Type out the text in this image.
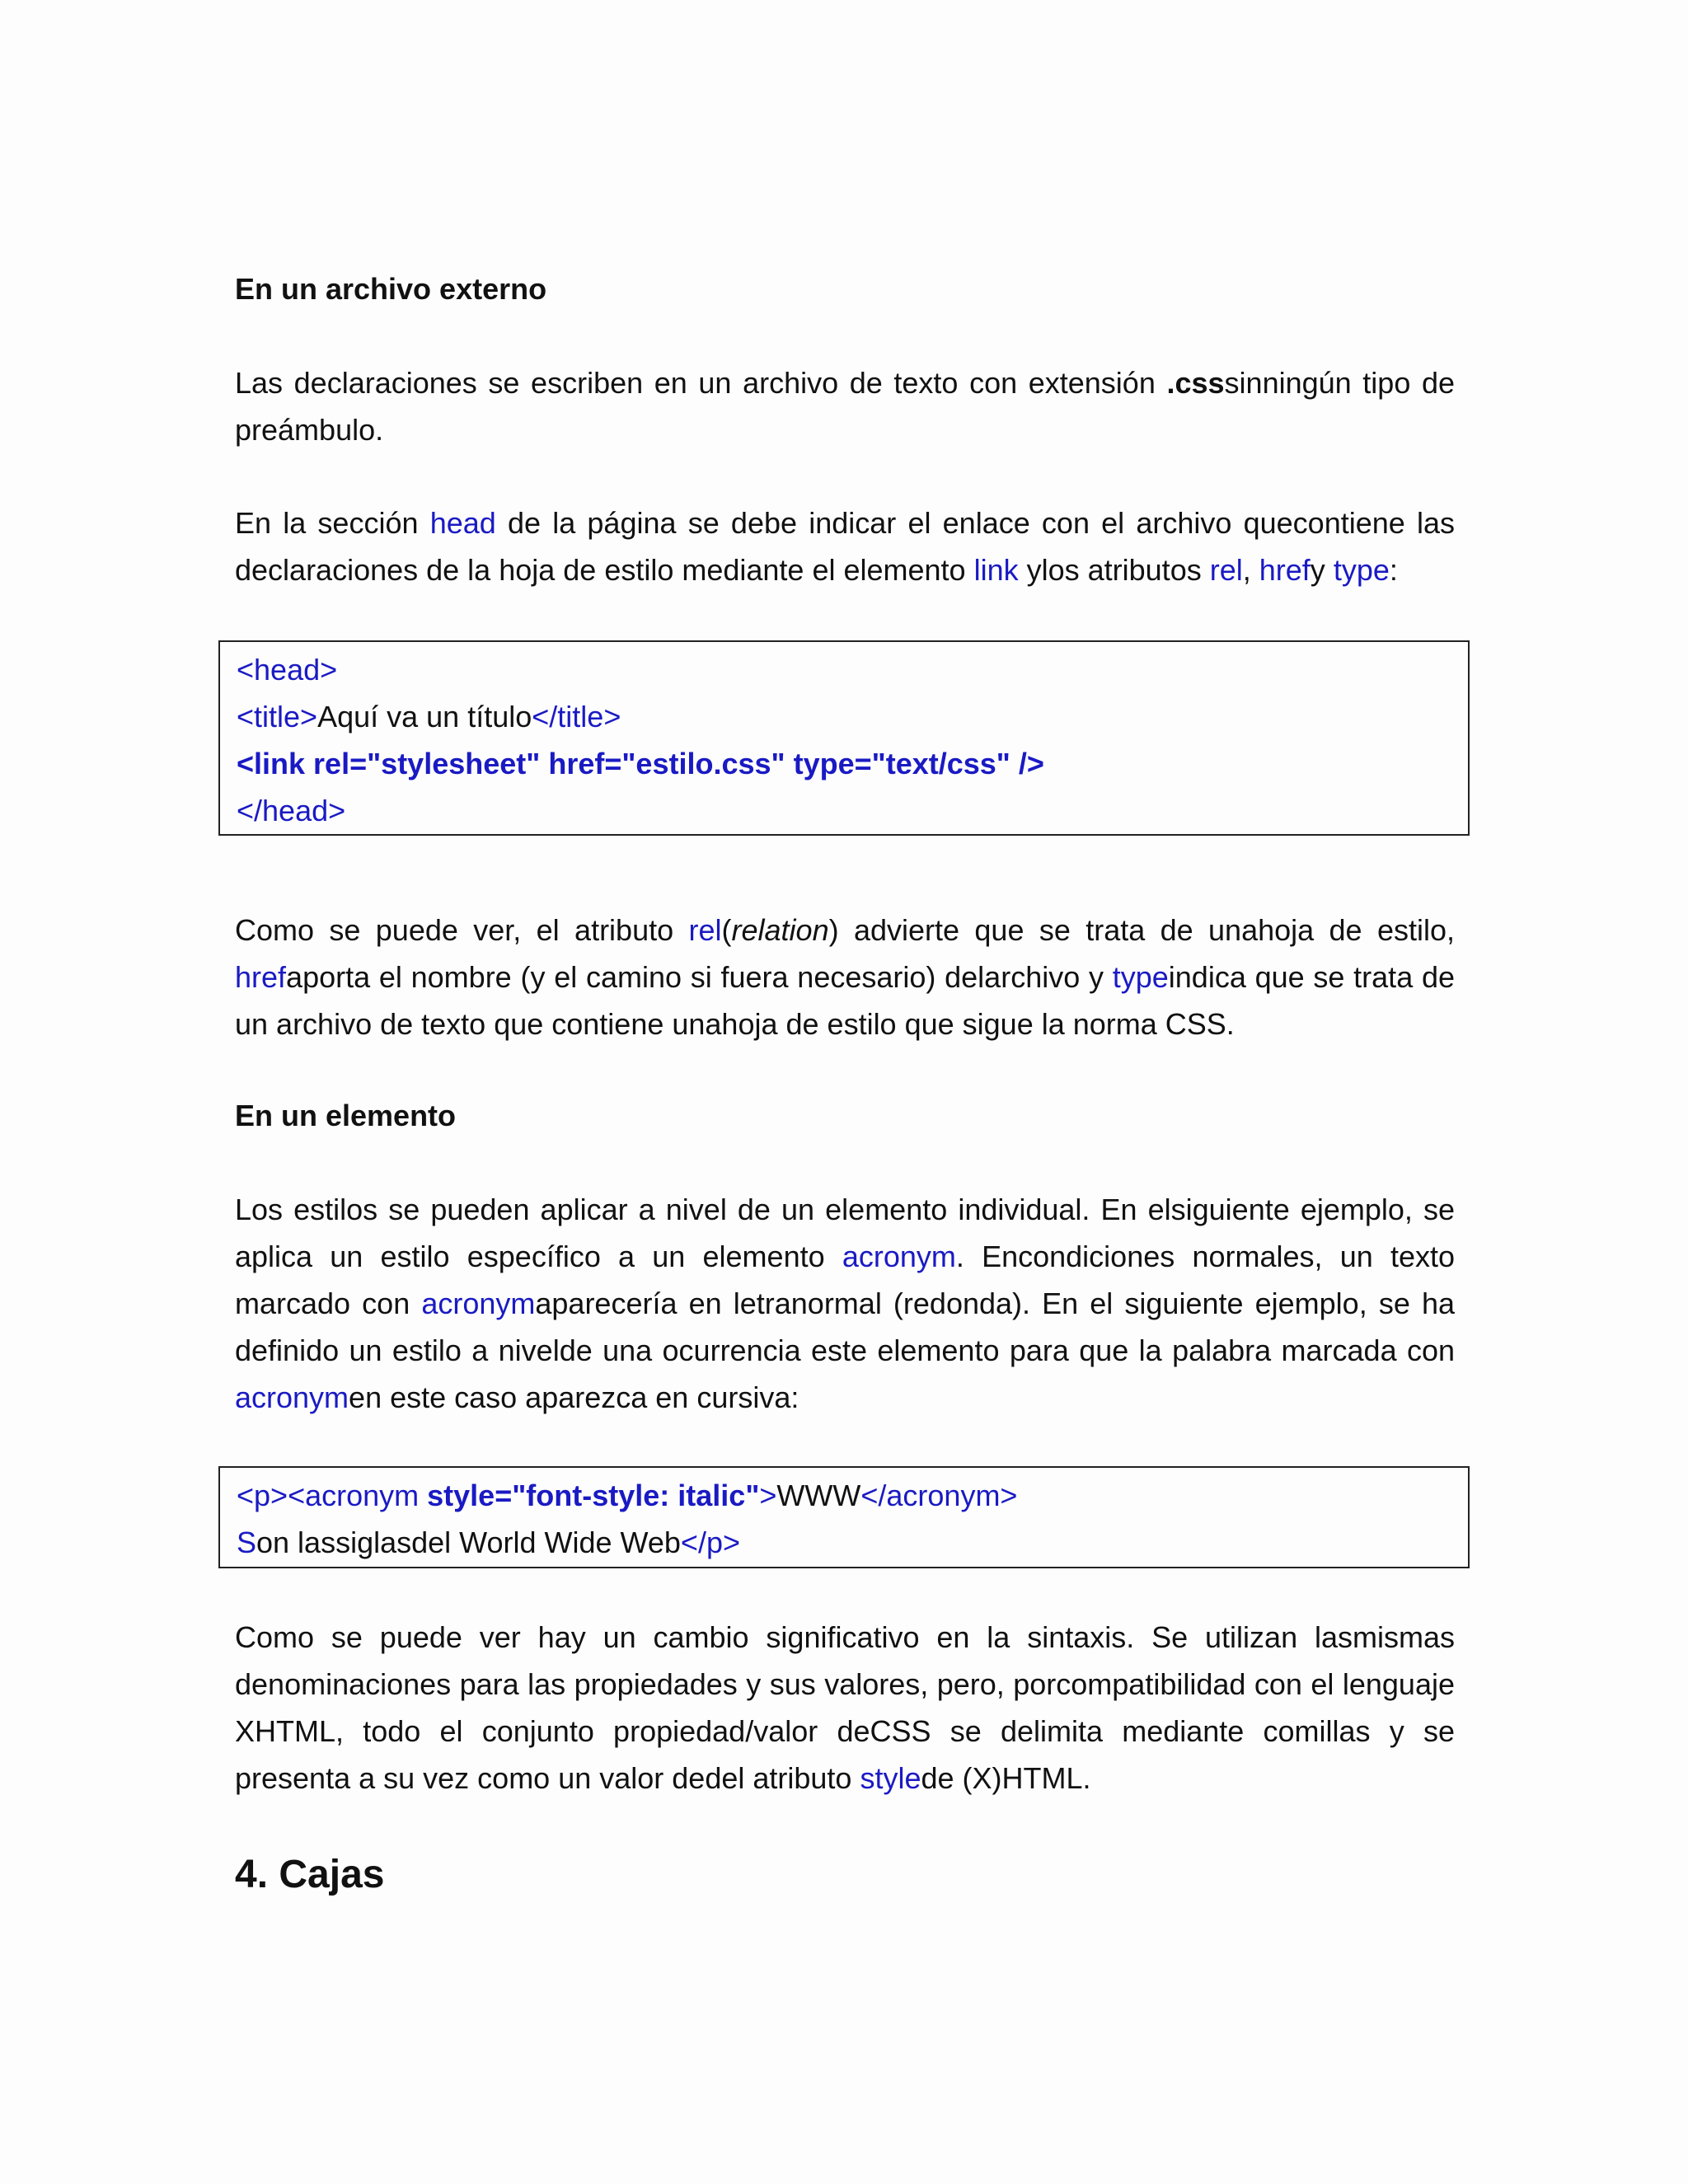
En un archivo externo

Las declaraciones se escriben en un archivo de texto con extensión .csssinningún tipo de preámbulo.

En la sección head de la página se debe indicar el enlace con el archivo quecontiene las declaraciones de la hoja de estilo mediante el elemento link ylos atributos rel, hrefy type:

<head>
<title>Aquí va un título</title>
<link rel="stylesheet" href="estilo.css" type="text/css" />
</head>

Como se puede ver, el atributo rel(relation) advierte que se trata de unahoja de estilo, hrefaporta el nombre (y el camino si fuera necesario) delarchivo y typeindica que se trata de un archivo de texto que contiene unahoja de estilo que sigue la norma CSS.

En un elemento

Los estilos se pueden aplicar a nivel de un elemento individual. En elsiguiente ejemplo, se aplica un estilo específico a un elemento acronym. Encondiciones normales, un texto marcado con acronymaparecería en letranormal (redonda). En el siguiente ejemplo, se ha definido un estilo a nivelde una ocurrencia este elemento para que la palabra marcada con acronymen este caso aparezca en cursiva:

<p><acronym style="font-style: italic">WWW</acronym>
Son lassiglasdel World Wide Web</p>

Como se puede ver hay un cambio significativo en la sintaxis. Se utilizan lasmismas denominaciones para las propiedades y sus valores, pero, porcompatibilidad con el lenguaje XHTML, todo el conjunto propiedad/valor deCSS se delimita mediante comillas y se presenta a su vez como un valor dedel atributo stylede (X)HTML.

4. Cajas
